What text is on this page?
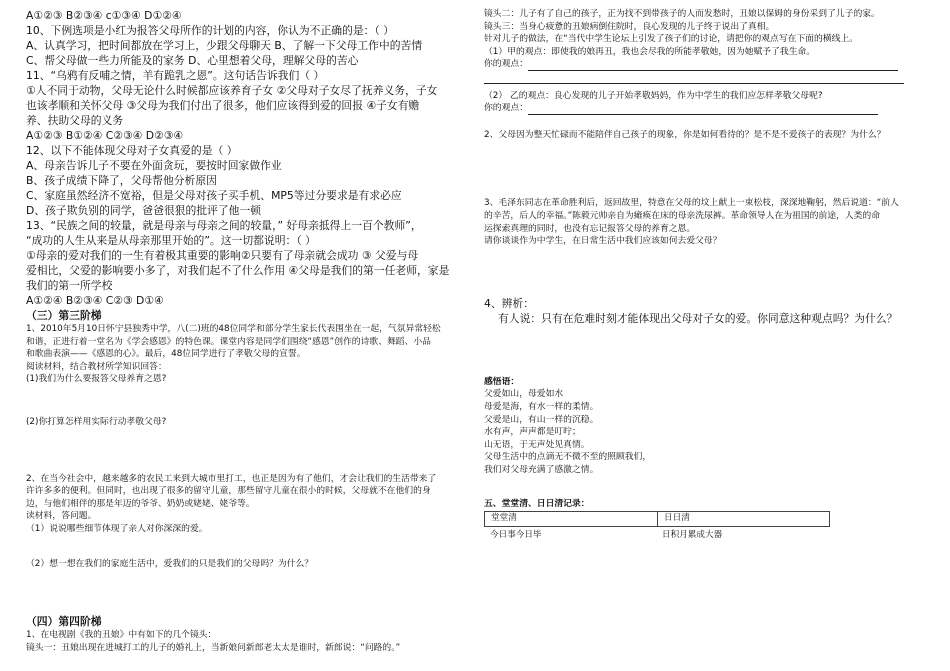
A①②③ B②③④ c①③④ D①②④
10、下例选项是小红为报答父母所作的计划的内容，你认为不正确的是：（ ）
A、认真学习，把时间都放在学习上，少跟父母聊天 B、了解一下父母工作中的苦情
C、帮父母做一些力所能及的家务 D、心里想着父母，理解父母的苦心
11、“乌鸦有反哺之情，羊有跪乳之恩”。这句话告诉我们（ ）
①人不同于动物，父母无论什么时候都应该养育子女 ②父母对子女尽了抚养义务，子女
也该孝顺和关怀父母 ③父母为我们付出了很多，他们应该得到爱的回报 ④子女有赡
养、扶助父母的义务
A①②③ B①②④ C②③④ D②③④
12、以下不能体现父母对子女真爱的是（ ）
A、母亲告诉儿子不要在外面贪玩，要按时回家做作业
B、孩子成绩下降了，父母帮他分析原因
C、家庭虽然经济不宽裕，但是父母对孩子买手机、MP5等过分要求是有求必应
D、孩子欺负别的同学，爸爸很狠的批评了他一顿
13、“民族之间的较量，就是母亲与母亲之间的较量，” 好母亲抵得上一百个教师”，
“成功的人生从来是从母亲那里开始的”。这一切都说明：（ ）
①母亲的爱对我们的一生有着极其重要的影响②只要有了母亲就会成功 ③ 父爱与母
爱相比，父爱的影响要小多了，对我们起不了什么作用 ④父母是我们的第一任老师，家是
我们的第一所学校
A①②④ B②③④ C②③ D①④
（三）第三阶梯
1、2010年5月10日怀宁县独秀中学，八(二)班的48位同学和部分学生家长代表围坐在一起，气氛异常轻松
和谐，正进行着一堂名为《学会感恩》的特色课。课堂内容是同学们围绕“感恩”创作的诗歌、舞蹈、小品
和歌曲表演——《感恩的心》。最后，48位同学进行了孝敬父母的宣誓。
阅读材料，结合教材所学知识回答：
(1)我们为什么要报答父母养育之恩?
(2)你打算怎样用实际行动孝敬父母?
2、在当今社会中，越来越多的农民工来到大城市里打工，也正是因为有了他们，才会让我们的生活带来了
许许多多的便利。但同时，也出现了很多的留守儿童，那些留守儿童在很小的时候，父母就不在他们的身
边，与他们相伴的那是年迈的爷爷、奶奶或姥姥、姥爷等。
读材料，答问题。
（1）说说哪些细节体现了亲人对你深深的爱。
（2）想一想在我们的家庭生活中，爱我们的只是我们的父母吗？为什么？
（四）第四阶梯
1、在电视剧《我的丑娘》中有如下的几个镜头：
镜头一：丑娘出现在进城打工的儿子的婚礼上，当新娘问新郎老太太是谁时，新郎说：“问路的。”
镜头二：儿子有了自己的孩子，正为找不到带孩子的人而发愁时，丑娘以保姆的身份采到了儿子的家。
镜头三：当身心疲惫的丑娘病倒住院时，良心发现的儿子终于说出了真相。
针对儿子的做法，在“当代中学生论坛上引发了孩子们的讨论，请把你的观点写在下面的横线上。
（1）甲的观点：即使我的娘再丑，我也会尽我的所能孝敬她，因为她赋予了我生命。
你的观点：
（2） 乙的观点：良心发现的儿子开始孝敬妈妈，作为中学生的我们应怎样孝敬父母呢?
你的观点：
2、父母因为整天忙碌而不能陪伴自己孩子的现象，你是如何看待的？是不是不爱孩子的表现？为什么？
3、毛泽东同志在革命胜利后，返回故里，特意在父母的坟上献上一束松枝，深深地鞠躬，然后说道：“前人
的辛苦，后人的幸福。”陈毅元帅亲自为瘫痪在床的母亲洗尿裤。革命领导人在为祖国的前途，人类的命
运探索真理的同时，也没有忘记报答父母的养育之恩。
请你谈谈作为中学生，在日常生活中我们应该如何去爱父母？
4、辨析：
有人说：只有在危难时刻才能体现出父母对子女的爱。你同意这种观点吗？为什么？
感悟语：
父爱如山，母爱如水
母爱是海，有水一样的柔情。
父爱是山，有山一样的沉稳。
水有声，声声都是叮咛；
山无语，于无声处见真情。
父母生活中的点滴无不微不至的照顾我们，
我们对父母充满了感激之情。
五、堂堂清、日日清记录：
堂堂清	日日清
今日事今日毕	日积月累成大器
